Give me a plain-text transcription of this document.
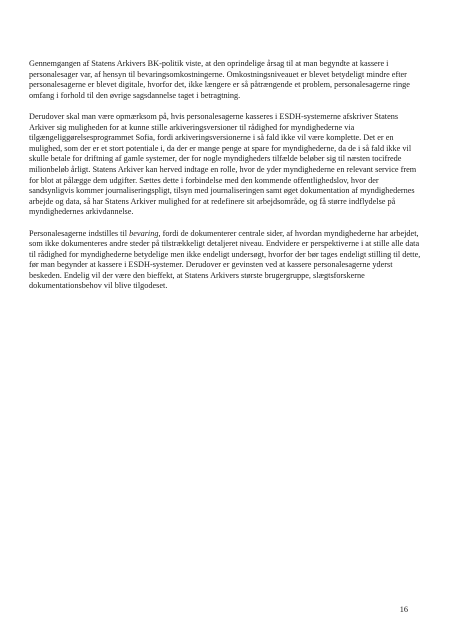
Gennemgangen af Statens Arkivers BK-politik viste, at den oprindelige årsag til at man begyndte at kassere i personalesager var, af hensyn til bevaringsomkostningerne. Omkostningsniveauet er blevet betydeligt mindre efter personalesagerne er blevet digitale, hvorfor det, ikke længere er så påtrængende et problem, personalesagerne ringe omfang i forhold til den øvrige sagsdannelse taget i betragtning.

Derudover skal man være opmærksom på, hvis personalesagerne kasseres i ESDH-systemerne afskriver Statens Arkiver sig muligheden for at kunne stille arkiveringsversioner til rådighed for myndighederne via tilgængeliggørelsesprogrammet Sofia, fordi arkiveringsversionerne i så fald ikke vil være komplette. Det er en mulighed, som der er et stort potentiale i, da der er mange penge at spare for myndighederne, da de i så fald ikke vil skulle betale for driftning af gamle systemer, der for nogle myndigheders tilfælde beløber sig til næsten tocifrede milionbeløb årligt. Statens Arkiver kan herved indtage en rolle, hvor de yder myndighederne en relevant service frem for blot at pålægge dem udgifter. Sættes dette i forbindelse med den kommende offentlighedslov, hvor der sandsynligvis kommer journaliseringspligt, tilsyn med journaliseringen samt øget dokumentation af myndighedernes arbejde og data, så har Statens Arkiver mulighed for at redefinere sit arbejdsområde, og få større indflydelse på myndighedernes arkivdannelse.

Personalesagerne indstilles til bevaring, fordi de dokumenterer centrale sider, af hvordan myndighederne har arbejdet, som ikke dokumenteres andre steder på tilstrækkeligt detaljeret niveau. Endvidere er perspektiverne i at stille alle data til rådighed for myndighederne betydelige men ikke endeligt undersøgt, hvorfor der bør tages endeligt stilling til dette, før man begynder at kassere i ESDH-systemer. Derudover er gevinsten ved at kassere personalesagerne yderst beskeden. Endelig vil der være den bieffekt, at Statens Arkivers største brugergruppe, slægtsforskerne dokumentationsbehov vil blive tilgodeset.

16
